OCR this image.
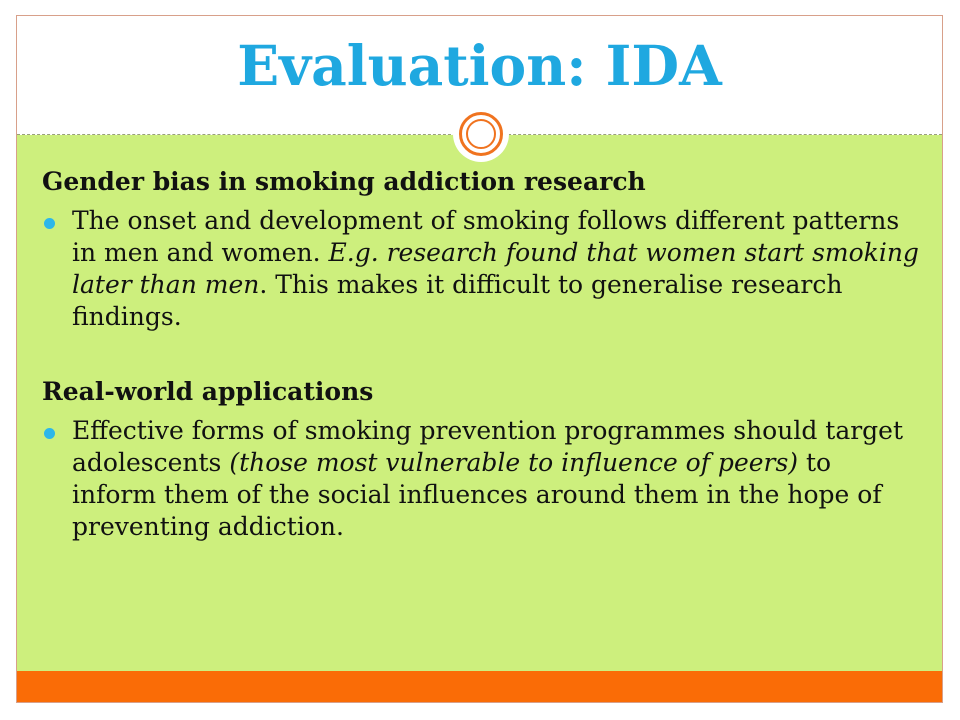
Evaluation: IDA

Gender bias in smoking addiction research

The onset and development of smoking follows different patterns in men and women. E.g. research found that women start smoking later than men. This makes it difficult to generalise research findings.

Real-world applications

Effective forms of smoking prevention programmes should target adolescents (those most vulnerable to influence of peers) to inform them of the social influences around them in the hope of preventing addiction.
